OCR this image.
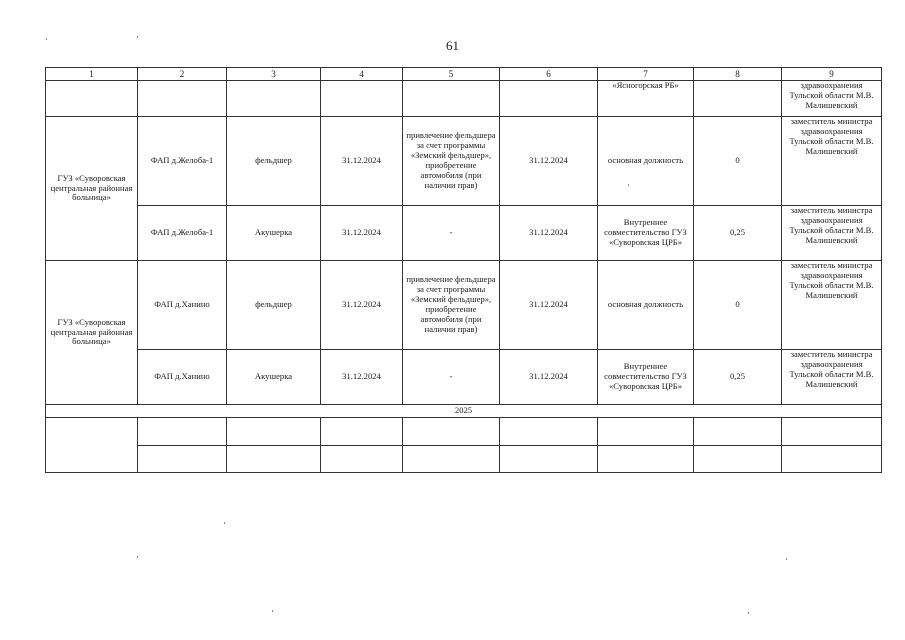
61
1	2	3	4	5	6	7	8	9
						«Ясногорская РБ»		здравоохранения Тульской области М.В. Малишевский
ГУЗ «Суворовская центральная районная больница»	ФАП д.Желоба-1	фельдшер	31.12.2024	привлечение фельдшера за счет программы «Земский фельдшер», приобретение автомобиля (при наличии прав)	31.12.2024	основная должность	0	заместитель министра здравоохранения Тульской области М.В. Малишевский
	ФАП д.Желоба-1	Акушерка	31.12.2024	-	31.12.2024	Внутреннее совместительство ГУЗ «Суворовская ЦРБ»	0,25	заместитель министра здравоохранения Тульской области М.В. Малишевский
ГУЗ «Суворовская центральная районная больница»	ФАП д.Ханино	фельдшер	31.12.2024	привлечение фельдшера за счет программы «Земский фельдшер», приобретение автомобиля (при наличии прав)	31.12.2024	основная должность	0	заместитель министра здравоохранения Тульской области М.В. Малишевский
	ФАП д.Ханино	Акушерка	31.12.2024	-	31.12.2024	Внутреннее совместительство ГУЗ «Суворовская ЦРБ»	0,25	заместитель министра здравоохранения Тульской области М.В. Малишевский
2025								
